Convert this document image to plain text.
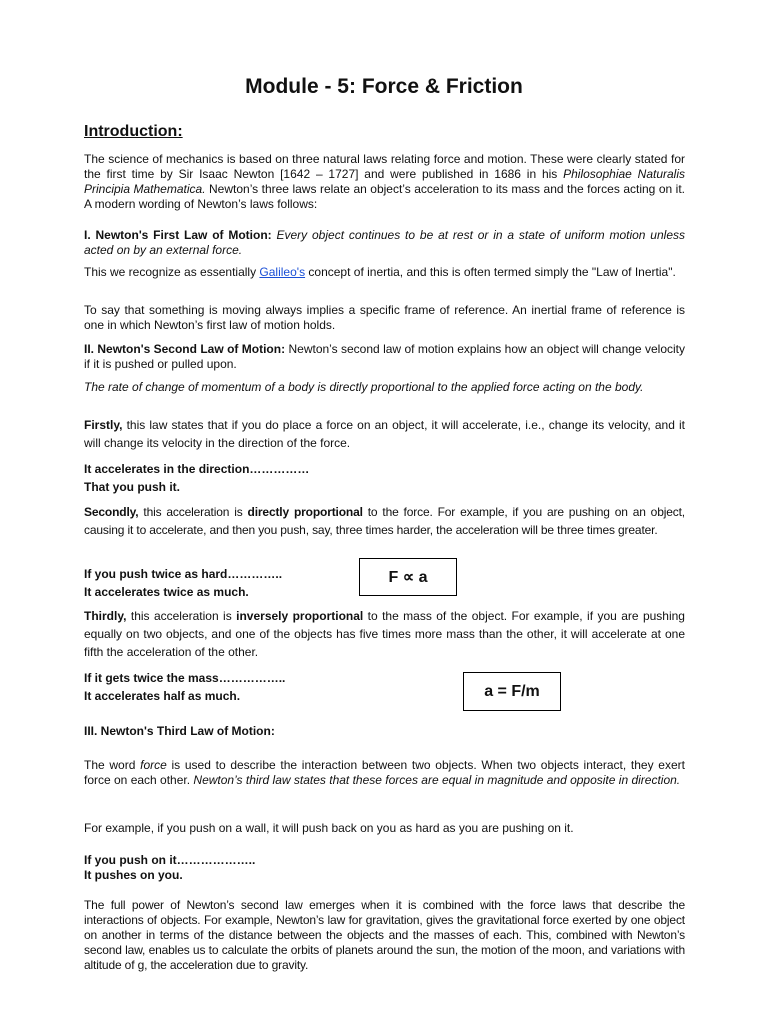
Module - 5: Force & Friction

Introduction:

The science of mechanics is based on three natural laws relating force and motion. These were clearly stated for the first time by Sir Isaac Newton [1642 – 1727] and were published in 1686 in his Philosophiae Naturalis Principia Mathematica. Newton’s three laws relate an object’s acceleration to its mass and the forces acting on it. A modern wording of Newton’s laws follows:

I. Newton's First Law of Motion: Every object continues to be at rest or in a state of uniform motion unless acted on by an external force.

This we recognize as essentially Galileo's concept of inertia, and this is often termed simply the "Law of Inertia".

To say that something is moving always implies a specific frame of reference. An inertial frame of reference is one in which Newton’s first law of motion holds.

II. Newton's Second Law of Motion: Newton’s second law of motion explains how an object will change velocity if it is pushed or pulled upon.

The rate of change of momentum of a body is directly proportional to the applied force acting on the body.

Firstly, this law states that if you do place a force on an object, it will accelerate, i.e., change its velocity, and it will change its velocity in the direction of the force.

It accelerates in the direction……………
That you push it.

Secondly, this acceleration is directly proportional to the force. For example, if you are pushing on an object, causing it to accelerate, and then you push, say, three times harder, the acceleration will be three times greater.

If you push twice as hard…………..
It accelerates twice as much.

Thirdly, this acceleration is inversely proportional to the mass of the object. For example, if you are pushing equally on two objects, and one of the objects has five times more mass than the other, it will accelerate at one fifth the acceleration of the other.

If it gets twice the mass……………..
It accelerates half as much.

III. Newton's Third Law of Motion:

The word force is used to describe the interaction between two objects. When two objects interact, they exert force on each other. Newton’s third law states that these forces are equal in magnitude and opposite in direction.

For example, if you push on a wall, it will push back on you as hard as you are pushing on it.

If you push on it………………..
It pushes on you.

The full power of Newton’s second law emerges when it is combined with the force laws that describe the interactions of objects. For example, Newton’s law for gravitation, gives the gravitational force exerted by one object on another in terms of the distance between the objects and the masses of each. This, combined with Newton’s second law, enables us to calculate the orbits of planets around the sun, the motion of the moon, and variations with altitude of g, the acceleration due to gravity.

F ∝ a
a = F/m
